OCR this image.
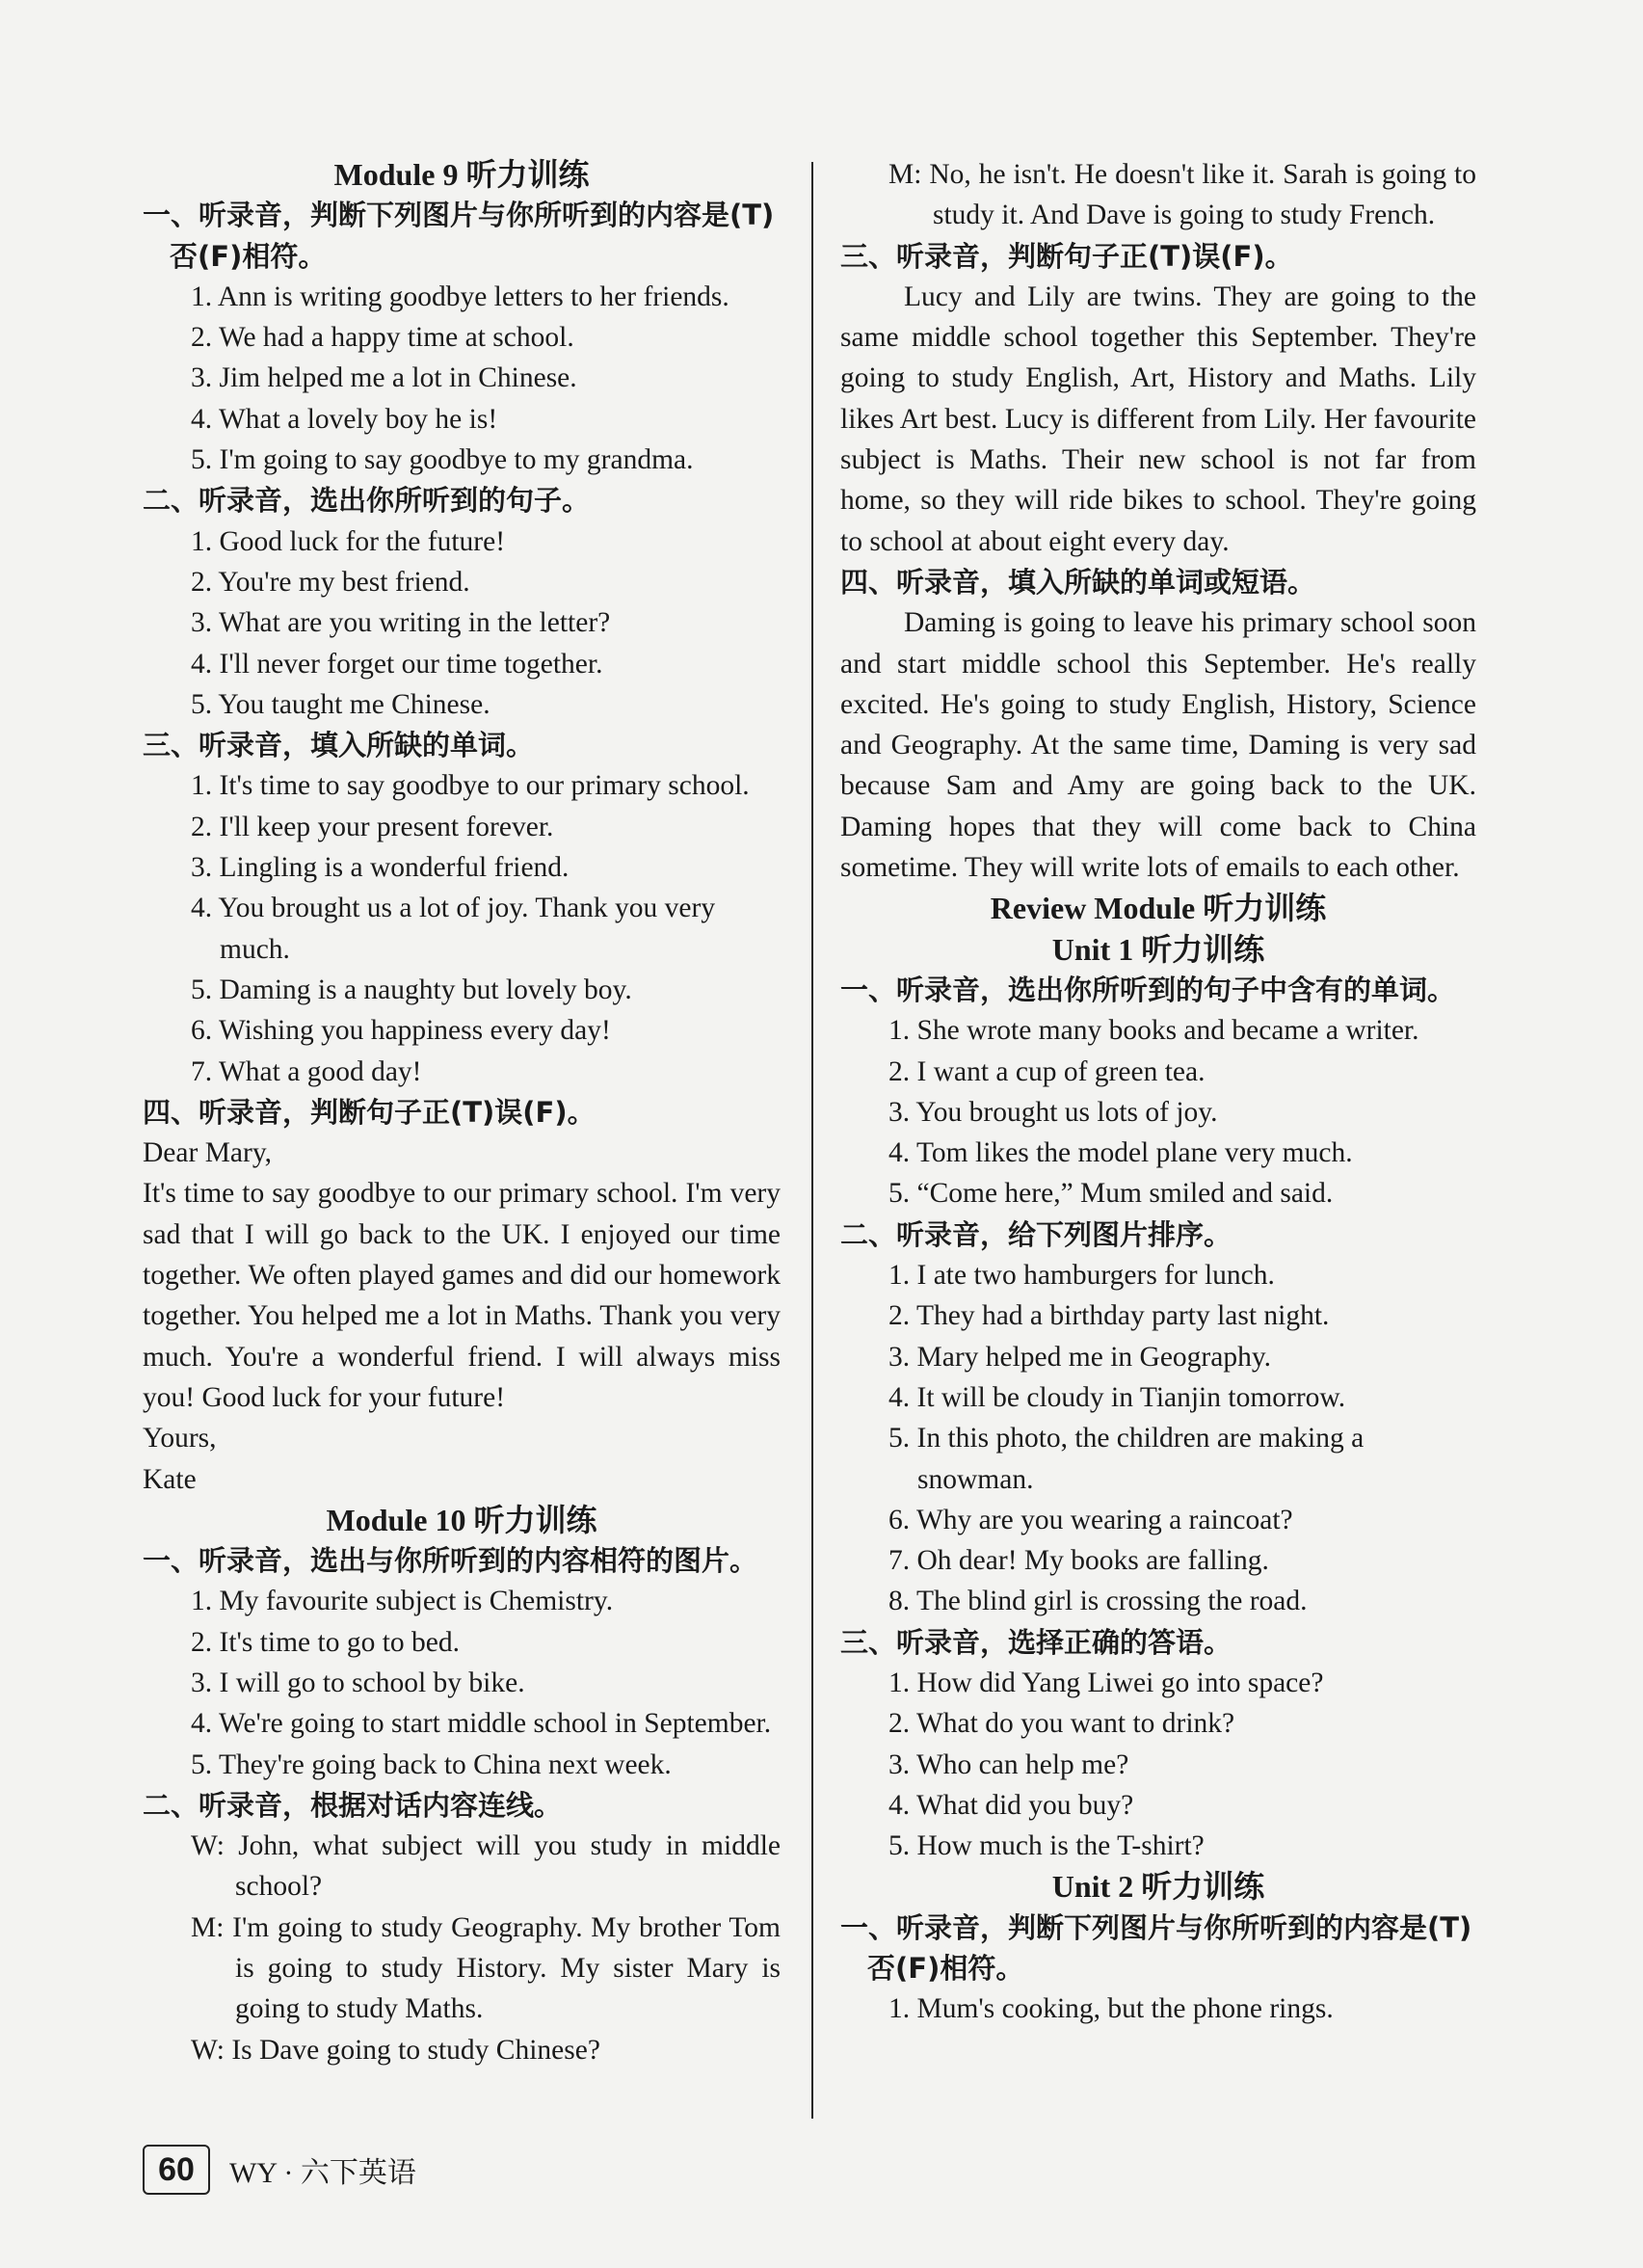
Module 9 听力训练
一、听录音，判断下列图片与你所听到的内容是(T)否(F)相符。
1. Ann is writing goodbye letters to her friends.
2. We had a happy time at school.
3. Jim helped me a lot in Chinese.
4. What a lovely boy he is!
5. I'm going to say goodbye to my grandma.
二、听录音，选出你所听到的句子。
1. Good luck for the future!
2. You're my best friend.
3. What are you writing in the letter?
4. I'll never forget our time together.
5. You taught me Chinese.
三、听录音，填入所缺的单词。
1. It's time to say goodbye to our primary school.
2. I'll keep your present forever.
3. Lingling is a wonderful friend.
4. You brought us a lot of joy. Thank you very much.
5. Daming is a naughty but lovely boy.
6. Wishing you happiness every day!
7. What a good day!
四、听录音，判断句子正(T)误(F)。
Dear Mary,
It's time to say goodbye to our primary school. I'm very sad that I will go back to the UK. I enjoyed our time together. We often played games and did our homework together. You helped me a lot in Maths. Thank you very much. You're a wonderful friend. I will always miss you! Good luck for your future!
Yours,
Kate
Module 10 听力训练
一、听录音，选出与你所听到的内容相符的图片。
1. My favourite subject is Chemistry.
2. It's time to go to bed.
3. I will go to school by bike.
4. We're going to start middle school in September.
5. They're going back to China next week.
二、听录音，根据对话内容连线。
W: John, what subject will you study in middle school?
M: I'm going to study Geography. My brother Tom is going to study History. My sister Mary is going to study Maths.
W: Is Dave going to study Chinese?
M: No, he isn't. He doesn't like it. Sarah is going to study it. And Dave is going to study French.
三、听录音，判断句子正(T)误(F)。
Lucy and Lily are twins. They are going to the same middle school together this September. They're going to study English, Art, History and Maths. Lily likes Art best. Lucy is different from Lily. Her favourite subject is Maths. Their new school is not far from home, so they will ride bikes to school. They're going to school at about eight every day.
四、听录音，填入所缺的单词或短语。
Daming is going to leave his primary school soon and start middle school this September. He's really excited. He's going to study English, History, Science and Geography. At the same time, Daming is very sad because Sam and Amy are going back to the UK. Daming hopes that they will come back to China sometime. They will write lots of emails to each other.
Review Module 听力训练
Unit 1 听力训练
一、听录音，选出你所听到的句子中含有的单词。
1. She wrote many books and became a writer.
2. I want a cup of green tea.
3. You brought us lots of joy.
4. Tom likes the model plane very much.
5. “Come here,” Mum smiled and said.
二、听录音，给下列图片排序。
1. I ate two hamburgers for lunch.
2. They had a birthday party last night.
3. Mary helped me in Geography.
4. It will be cloudy in Tianjin tomorrow.
5. In this photo, the children are making a snowman.
6. Why are you wearing a raincoat?
7. Oh dear! My books are falling.
8. The blind girl is crossing the road.
三、听录音，选择正确的答语。
1. How did Yang Liwei go into space?
2. What do you want to drink?
3. Who can help me?
4. What did you buy?
5. How much is the T-shirt?
Unit 2 听力训练
一、听录音，判断下列图片与你所听到的内容是(T)否(F)相符。
1. Mum's cooking, but the phone rings.
60	WY · 六下英语
